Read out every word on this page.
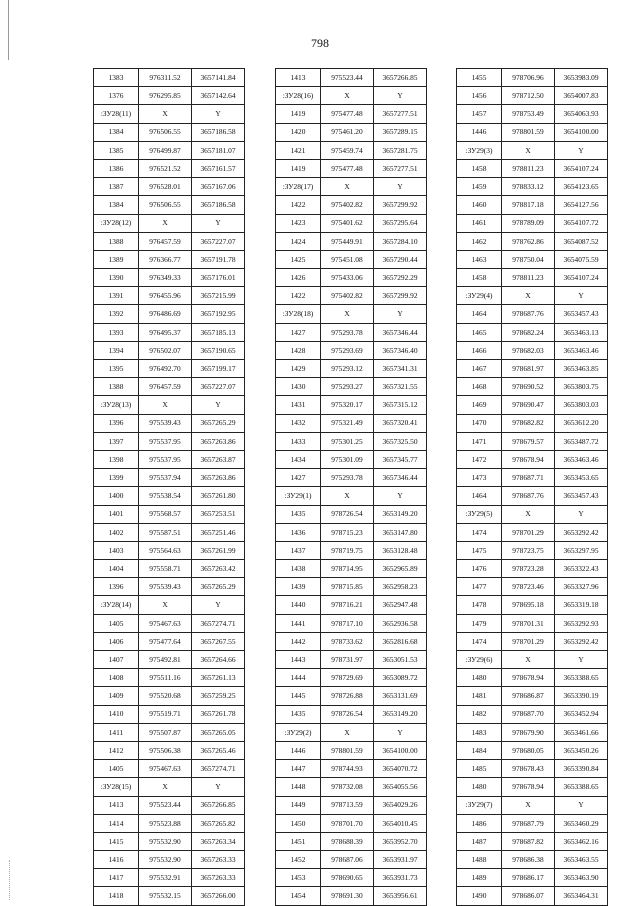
798
1383	976311.52	3657141.84
1376	976295.85	3657142.64
:ЗУ28(11)	X	Y
1384	976506.55	3657186.58
1385	976499.87	3657181.07
1386	976521.52	3657161.57
1387	976528.01	3657167.06
1384	976506.55	3657186.58
:ЗУ28(12)	X	Y
1388	976457.59	3657227.07
1389	976366.77	3657191.78
1390	976349.33	3657176.01
1391	976455.96	3657215.99
1392	976486.69	3657192.95
1393	976495.37	3657185.13
1394	976502.07	3657190.65
1395	976492.70	3657199.17
1388	976457.59	3657227.07
:ЗУ28(13)	X	Y
1396	975539.43	3657265.29
1397	975537.95	3657263.86
1398	975537.95	3657263.87
1399	975537.94	3657263.86
1400	975538.54	3657261.80
1401	975568.57	3657253.51
1402	975587.51	3657251.46
1403	975564.63	3657261.99
1404	975558.71	3657263.42
1396	975539.43	3657265.29
:ЗУ28(14)	X	Y
1405	975467.63	3657274.71
1406	975477.64	3657267.55
1407	975492.81	3657264.66
1408	975511.16	3657261.13
1409	975520.68	3657259.25
1410	975519.71	3657261.78
1411	975507.87	3657265.05
1412	975506.38	3657265.46
1405	975467.63	3657274.71
:ЗУ28(15)	X	Y
1413	975523.44	3657266.85
1414	975523.88	3657265.82
1415	975532.90	3657263.34
1416	975532.90	3657263.33
1417	975532.91	3657263.33
1418	975532.15	3657266.00
1413	975523.44	3657266.85
:ЗУ28(16)	X	Y
1419	975477.48	3657277.51
1420	975461.20	3657289.15
1421	975459.74	3657281.75
1419	975477.48	3657277.51
:ЗУ28(17)	X	Y
1422	975402.82	3657299.92
1423	975401.62	3657295.64
1424	975449.91	3657284.10
1425	975451.08	3657290.44
1426	975433.06	3657292.29
1422	975402.82	3657299.92
:ЗУ28(18)	X	Y
1427	975293.78	3657346.44
1428	975293.69	3657346.40
1429	975293.12	3657341.31
1430	975293.27	3657321.55
1431	975320.17	3657315.12
1432	975321.49	3657320.41
1433	975301.25	3657325.50
1434	975301.09	3657345.77
1427	975293.78	3657346.44
:ЗУ29(1)	X	Y
1435	978726.54	3653149.20
1436	978715.23	3653147.80
1437	978719.75	3653128.48
1438	978714.95	3652965.89
1439	978715.85	3652958.23
1440	978716.21	3652947.48
1441	978717.10	3652936.58
1442	978733.62	3652816.68
1443	978731.97	3653051.53
1444	978729.69	3653089.72
1445	978726.88	3653131.69
1435	978726.54	3653149.20
:ЗУ29(2)	X	Y
1446	978801.59	3654100.00
1447	978744.93	3654070.72
1448	978732.08	3654055.56
1449	978713.59	3654029.26
1450	978701.70	3654010.45
1451	978688.39	3653952.70
1452	978687.06	3653931.97
1453	978690.65	3653931.73
1454	978691.30	3653956.61
1455	978706.96	3653983.09
1456	978712.50	3654007.83
1457	978753.49	3654063.93
1446	978801.59	3654100.00
:ЗУ29(3)	X	Y
1458	978811.23	3654107.24
1459	978833.12	3654123.65
1460	978817.18	3654127.56
1461	978789.09	3654107.72
1462	978762.86	3654087.52
1463	978750.04	3654075.59
1458	978811.23	3654107.24
:ЗУ29(4)	X	Y
1464	978687.76	3653457.43
1465	978682.24	3653463.13
1466	978682.03	3653463.46
1467	978681.97	3653463.85
1468	978690.52	3653803.75
1469	978690.47	3653803.03
1470	978682.82	3653612.20
1471	978679.57	3653487.72
1472	978678.94	3653463.46
1473	978687.71	3653453.65
1464	978687.76	3653457.43
:ЗУ29(5)	X	Y
1474	978701.29	3653292.42
1475	978723.75	3653297.95
1476	978723.28	3653322.43
1477	978723.46	3653327.96
1478	978695.18	3653319.18
1479	978701.31	3653292.93
1474	978701.29	3653292.42
:ЗУ29(6)	X	Y
1480	978678.94	3653388.65
1481	978686.87	3653390.19
1482	978687.70	3653452.94
1483	978679.90	3653461.66
1484	978680.05	3653450.26
1485	978678.43	3653390.84
1480	978678.94	3653388.65
:ЗУ29(7)	X	Y
1486	978687.79	3653460.29
1487	978687.82	3653462.16
1488	978686.38	3653463.55
1489	978686.17	3653463.90
1490	978686.07	3653464.31
